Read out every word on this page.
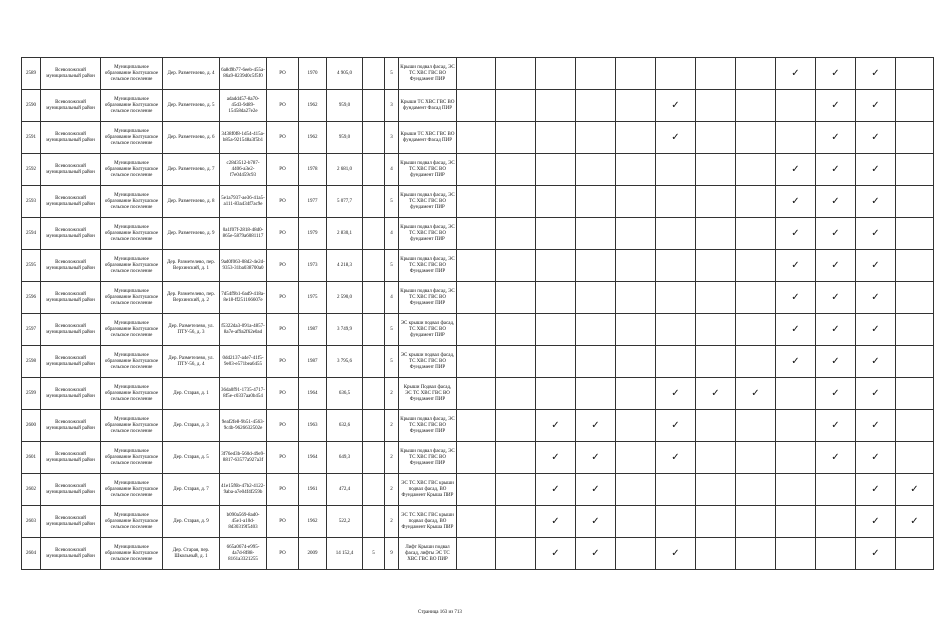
2589	Всеволожский муниципальный район	Муниципальное образование Колтушское сельское поселение	Дер. Разметелево, д. 4	6a8d9b77-6eeb-455a-86a9-8239d0c5f5f0	РО	1970	4 905,0		5	Крыши подвал фасад, ЭС ТС ХВС ГВС ВО Фундамент ПИР									✓	✓	✓	
2590	Всеволожский муниципальный район	Муниципальное образование Колтушское сельское поселение	Дер. Разметелево, д. 5	adadd457-8a70-45d3-9d89-15458da27e2e	РО	1962	959,0		3	Крыши ТС ХВС ГВС ВО фундамент Фасад ПИР						✓				✓	✓	
2591	Всеволожский муниципальный район	Муниципальное образование Колтушское сельское поселение	Дер. Разметелево, д. 6	3438f0f8-1d54-415a-b85a-921548a3f5b1	РО	1962	959,0		3	Крыши ТС ХВС ГВС ВО фундамент Фасад ПИР						✓				✓	✓	
2592	Всеволожский муниципальный район	Муниципальное образование Колтушское сельское поселение	Дер. Разметелево, д. 7	c28d3512-b787-4406-a3e2-f7e04459c93	РО	1978	2 681,0		4	Крыши подвал фасад, ЭС ТС ХВС ГВС ВО фундамент ПИР									✓	✓	✓	
2593	Всеволожский муниципальный район	Муниципальное образование Колтушское сельское поселение	Дер. Разметелево, д. 8	5e1a7937-ae36-41a5-a111-83a434f7ac9e	РО	1977	5 077,7		5	Крыши подвал фасад, ЭС ТС ХВС ГВС ВО фундамент ПИР									✓	✓	✓	
2594	Всеволожский муниципальный район	Муниципальное образование Колтушское сельское поселение	Дер. Разметелево, д. 9	0a1f07f-2818-48d0-865e-5879a6081117	РО	1979	2 830,1		4	Крыши подвал фасад, ЭС ТС ХВС ГВС ВО фундамент ПИР									✓	✓	✓	
2595	Всеволожский муниципальный район	Муниципальное образование Колтушское сельское поселение	Дер. Разметелево, пер. Верхинский, д. 1	9ad0f063-08d2-4e2d-9353-31ba038700a0	РО	1973	4 218,3		5	Крыши подвал фасад, ЭС ТС ХВС ГВС ВО Фундамент ПИР									✓	✓	✓	
2596	Всеволожский муниципальный район	Муниципальное образование Колтушское сельское поселение	Дер. Разметелево, пер. Верхинский, д. 2	7d54f9b1-6ad9-418a-8e18-ff251166607e	РО	1975	2 590,0		4	Крыши подвал фасад, ЭС ТС ХВС ГВС ВО Фундамент ПИР									✓	✓	✓	
2597	Всеволожский муниципальный район	Муниципальное образование Колтушское сельское поселение	Дер. Разметелево, ул. ПТУ-56, д. 3	f5322da3-091a-4857-8a7e-af9a2f62e0ad	РО	1987	3 749,9		5	ЭС крыши подвал фасад, ТС ХВС ГВС ВО фундамент ПИР									✓	✓	✓	
2598	Всеволожский муниципальный район	Муниципальное образование Колтушское сельское поселение	Дер. Разметелево, ул. ПТУ-56, д. 4	0dd2137-a4e7-41f5-9e03-e571bea6455	РО	1987	3 795,6		5	ЭС крыши подвал фасад, ТС ХВС ГВС ВО Фундамент ПИР									✓	✓	✓	
2599	Всеволожский муниципальный район	Муниципальное образование Колтушское сельское поселение	Дер. Старая, д. 1	36da0f91-1735-4717-8f5e-c0337aa0b454	РО	1964	636,5		2	Крыши Подвал фасад, ЭС ТС ХВС ГВС ВО Фундамент ПИР						✓	✓	✓		✓	✓	
2600	Всеволожский муниципальный район	Муниципальное образование Колтушское сельское поселение	Дер. Старая, д. 3	9eaf2fe8-9b51-4563-9c4b-9626632502e	РО	1963	632,6		2	Крыши подвал фасад, ЭС ТС ХВС ГВС ВО Фундамент ПИР			✓	✓		✓				✓	✓	
2601	Всеволожский муниципальный район	Муниципальное образование Колтушское сельское поселение	Дер. Старая, д. 5	3f76ed3b-560d-49e9-8817-63577a927a3f	РО	1964	649,3		2	Крыши подвал фасад, ЭС ТС ХВС ГВС ВО Фундамент ПИР			✓	✓		✓				✓	✓	
2602	Всеволожский муниципальный район	Муниципальное образование Колтушское сельское поселение	Дер. Старая, д. 7	41e15f6b-47b2-4122-9aba-a7e04f4f259b	РО	1961	472,4		2	ЭС ТС ХВС ГВС крыши подвал фасад, ВО Фундамент Крыша ПИР			✓	✓							✓	✓
2603	Всеволожский муниципальный район	Муниципальное образование Колтушское сельское поселение	Дер. Старая, д. 9	b090a569-8ad0-45e1-a10d-8d30319f5403	РО	1962	522,2		2	ЭС ТС ХВС ГВС крыши подвал фасад, ВО Фундамент Крыша ПИР			✓	✓							✓	✓
2604	Всеволожский муниципальный район	Муниципальное образование Колтушское сельское поселение	Дер. Старая, пер. Школьный, д. 1	665a0674-e995-4a7d-8f88-8161a3321255	РО	2009	14 152,4	5	9	Лифт Крыши подвал фасад, лифты ЭС ТС ХВС ГВС ВО ПИР			✓	✓		✓					✓	
Страница 163 из 713
